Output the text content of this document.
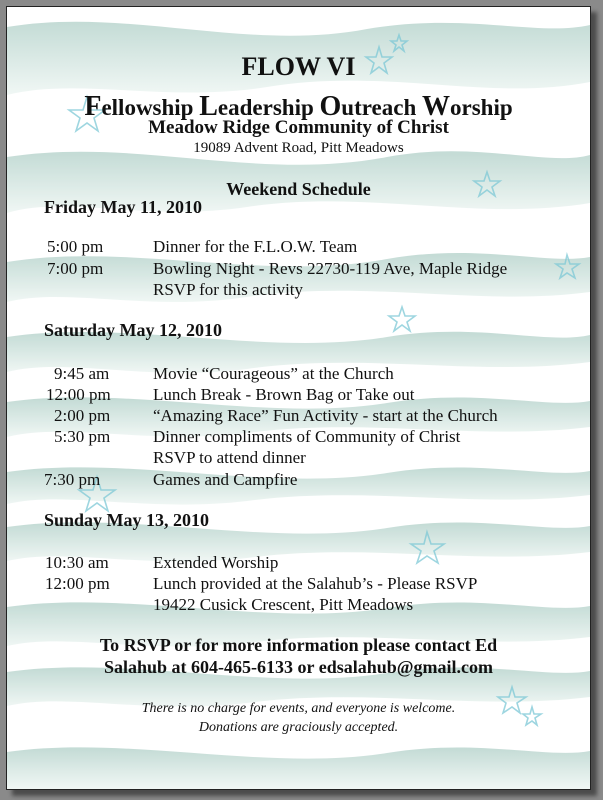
FLOW VI
Fellowship Leadership Outreach Worship
Meadow Ridge Community of Christ
19089 Advent Road, Pitt Meadows
Weekend Schedule
Friday May 11, 2010
5:00 pm	Dinner for the F.L.O.W. Team
7:00 pm	Bowling Night - Revs 22730-119 Ave, Maple Ridge
RSVP for this activity
Saturday May 12, 2010
9:45 am	Movie “Courageous” at the Church
12:00 pm Lunch Break - Brown Bag or Take out
2:00 pm	“Amazing Race” Fun Activity - start at the Church
5:30 pm	Dinner compliments of Community of Christ
RSVP to attend dinner
7:30 pm	Games and Campfire
Sunday May 13, 2010
10:30 am	Extended Worship
12:00 pm	Lunch provided at the Salahub’s - Please RSVP
19422 Cusick Crescent, Pitt Meadows
To RSVP or for more information please contact Ed
Salahub at 604-465-6133 or edsalahub@gmail.com
There is no charge for events, and everyone is welcome.
Donations are graciously accepted.
